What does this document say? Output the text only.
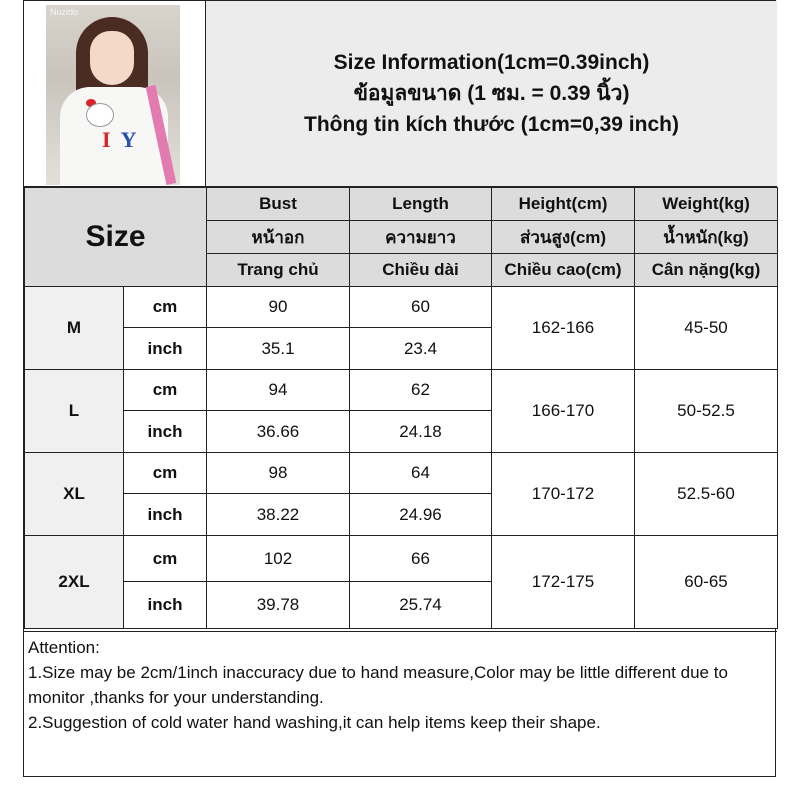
I Y
Nuzido
Size Information(1cm=0.39inch)
ข้อมูลขนาด (1 ซม. = 0.39 นิ้ว)
Thông tin kích thước (1cm=0,39 inch)
Size		Bust	Length	Height(cm)	Weight(kg)
		หน้าอก	ความยาว	ส่วนสูง(cm)	น้ำหนัก(kg)
		Trang chủ	Chiều dài	Chiều cao(cm)	Cân nặng(kg)
M	cm	90	60	162-166	45-50
	inch	35.1	23.4		
L	cm	94	62	166-170	50-52.5
	inch	36.66	24.18		
XL	cm	98	64	170-172	52.5-60
	inch	38.22	24.96		
2XL	cm	102	66	172-175	60-65
	inch	39.78	25.74		

Attention:

1.Size may be 2cm/1inch inaccuracy due to hand measure,Color may be little different due to monitor ,thanks for your understanding.

2.Suggestion of cold water hand washing,it can help items keep their shape.
